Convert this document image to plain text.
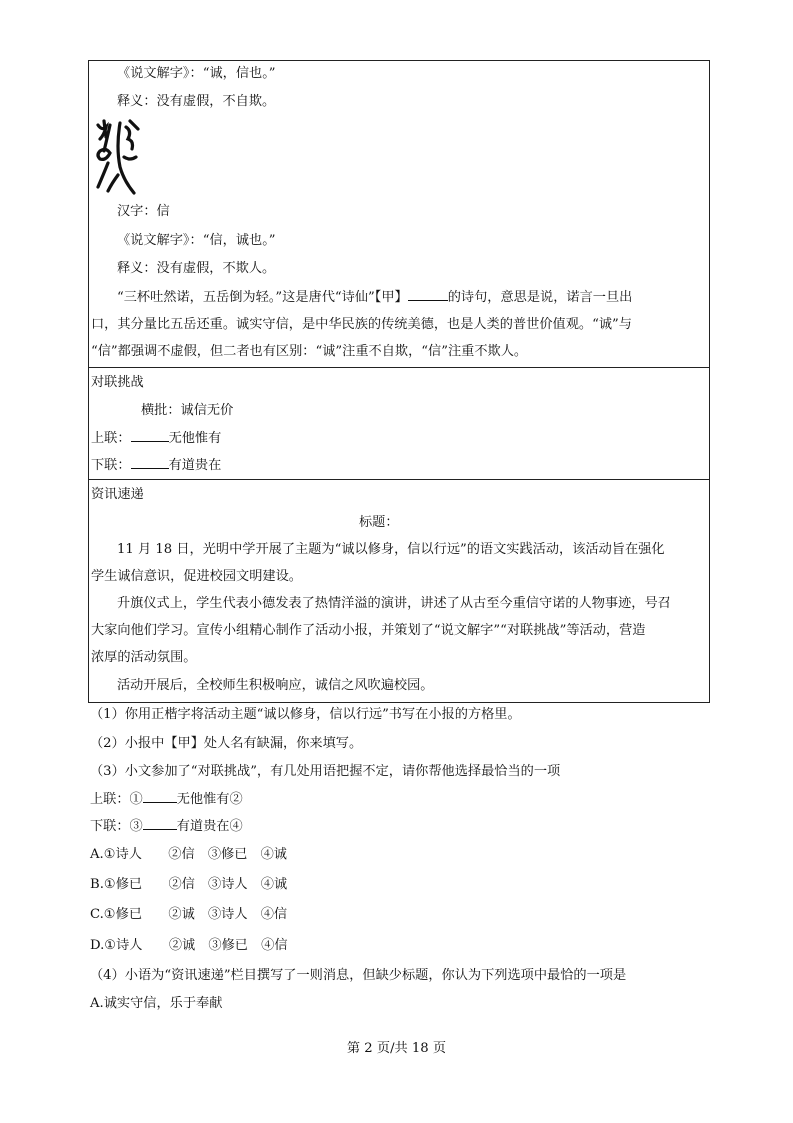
《说文解字》：“诚，信也。”
释义：没有虚假，不自欺。
汉字：信
《说文解字》：“信，诚也。”
释义：没有虚假，不欺人。
“三杯吐然诺，五岳倒为轻。”这是唐代“诗仙”【甲】	的诗句，意思是说，诺言一旦出
口，其分量比五岳还重。诚实守信，是中华民族的传统美德，也是人类的普世价值观。“诚”与
“信”都强调不虚假，但二者也有区别：“诚”注重不自欺，“信”注重不欺人。
对联挑战
横批：诚信无价
上联：	无他惟有
下联：	有道贵在
资讯速递
标题：
11 月 18 日，光明中学开展了主题为“诚以修身，信以行远”的语文实践活动，该活动旨在强化
学生诚信意识，促进校园文明建设。
升旗仪式上，学生代表小德发表了热情洋溢的演讲，讲述了从古至今重信守诺的人物事迹，号召
大家向他们学习。宣传小组精心制作了活动小报，并策划了“说文解字”“对联挑战”等活动，营造
浓厚的活动氛围。
活动开展后，全校师生积极响应，诚信之风吹遍校园。
（1）你用正楷字将活动主题“诚以修身，信以行远”书写在小报的方格里。
（2）小报中【甲】处人名有缺漏，你来填写。
（3）小文参加了“对联挑战”，有几处用语把握不定，请你帮他选择最恰当的一项
上联：①	无他惟有②
下联：③	有道贵在④
A.①诗人　　②信　③修已　④诚
B.①修已　　②信　③诗人　④诚
C.①修已　　②诚　③诗人　④信
D.①诗人　　②诚　③修已　④信
（4）小语为“资讯速递”栏目撰写了一则消息，但缺少标题，你认为下列选项中最恰的一项是
A.诚实守信，乐于奉献
第 2 页/共 18 页
